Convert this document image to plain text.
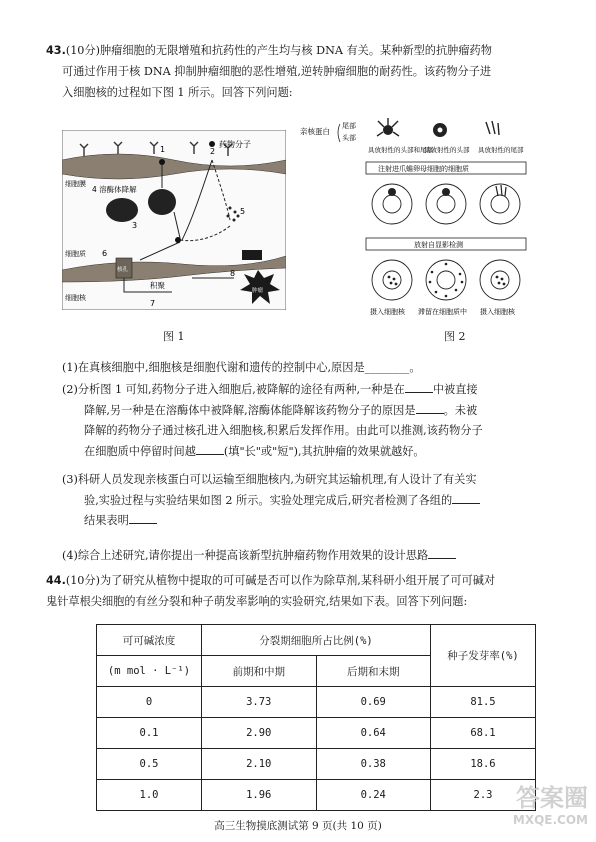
43.(10分)肿瘤细胞的无限增殖和抗药性的产生均与核 DNA 有关。某种新型的抗肿瘤药物
可通过作用于核 DNA 抑制肿瘤细胞的恶性增殖,逆转肿瘤细胞的耐药性。该药物分子进
入细胞核的过程如下图 1 所示。回答下列问题:
药物分子
细胞膜
细胞质
细胞核
1	2
4 溶酶体降解
3
5
核孔
6
积聚
7
肿瘤
8
图 1
亲核蛋白
尾部
头部
具放射性的头部和尾部
具放射性的头部 具放射性的尾部
注射进爪蟾卵母细胞的细胞质
放射自显影检测
摄入细胞核 滞留在细胞质中 摄入细胞核
图 2
(1)在真核细胞中,细胞核是细胞代谢和遗传的控制中心,原因是________。
(2)分析图 1 可知,药物分子进入细胞后,被降解的途径有两种,一种是在	中被直接
降解,另一种是在溶酶体中被降解,溶酶体能降解该药物分子的原因是	。未被
降解的药物分子通过核孔进入细胞核,积累后发挥作用。由此可以推测,该药物分子
在细胞质中停留时间越	(填"长"或"短"),其抗肿瘤的效果就越好。
(3)科研人员发现亲核蛋白可以运输至细胞核内,为研究其运输机理,有人设计了有关实
验,实验过程与实验结果如图 2 所示。实验处理完成后,研究者检测了各组的
结果表明
(4)综合上述研究,请你提出一种提高该新型抗肿瘤药物作用效果的设计思路
44.(10分)为了研究从植物中提取的可可碱是否可以作为除草剂,某科研小组开展了可可碱对
鬼针草根尖细胞的有丝分裂和种子萌发率影响的实验研究,结果如下表。回答下列问题:
可可碱浓度	分裂期细胞所占比例(%)		种子发芽率(%)
(m mol · L⁻¹)	前期和中期	后期和末期	
0	3.73	0.69	81.5
0.1	2.90	0.64	68.1
0.5	2.10	0.38	18.6
1.0	1.96	0.24	2.3
高三生物摸底测试第 9 页(共 10 页)
答案圈
MXQE.COM
